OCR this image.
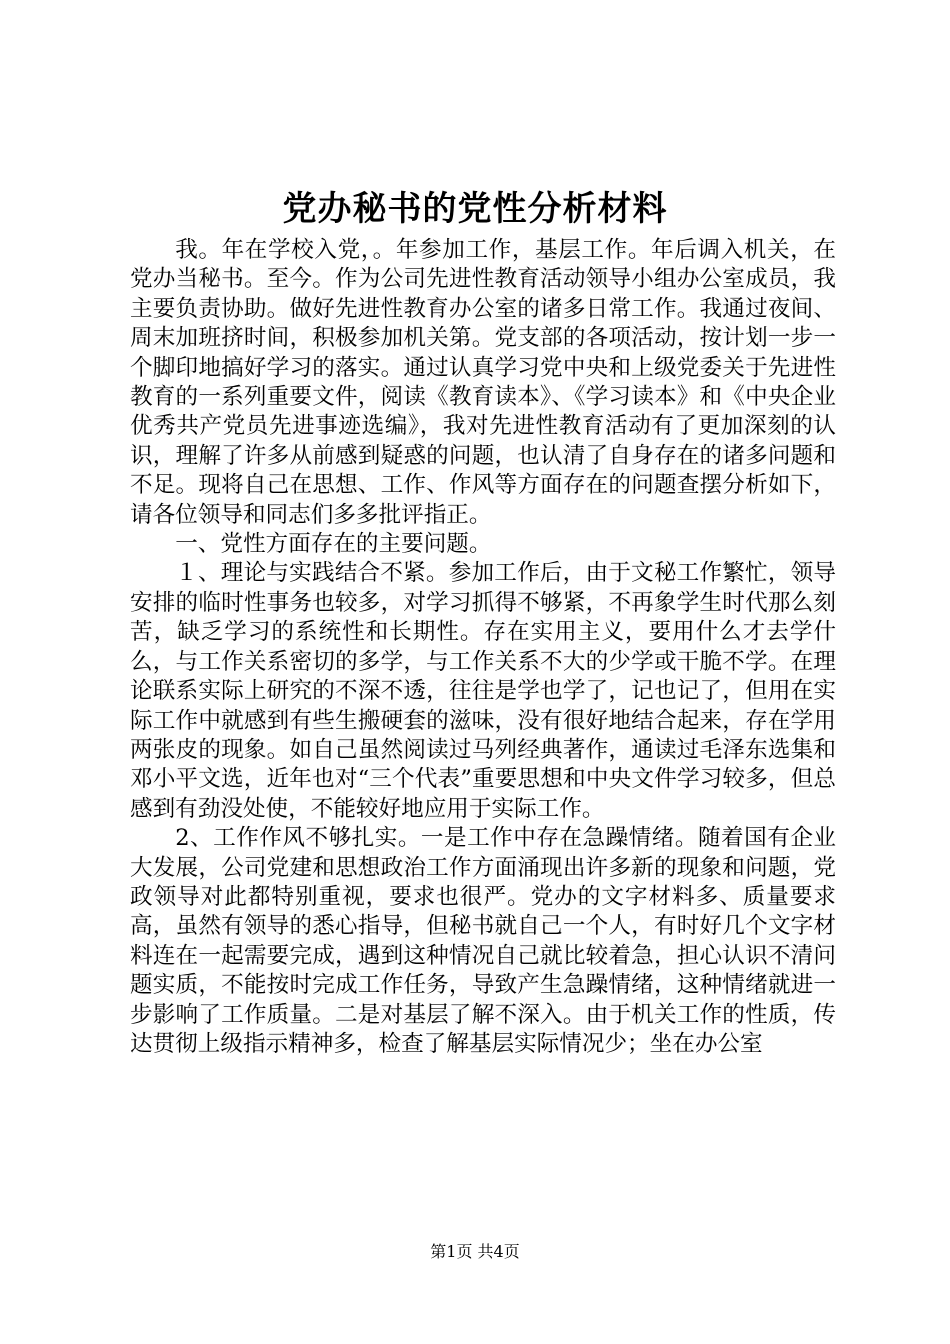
党办秘书的党性分析材料

我。年在学校入党，。年参加工作，基层工作。年后调入机关，在党办当秘书。至今。作为公司先进性教育活动领导小组办公室成员，我主要负责协助。做好先进性教育办公室的诸多日常工作。我通过夜间、周末加班挤时间，积极参加机关第。党支部的各项活动，按计划一步一个脚印地搞好学习的落实。通过认真学习党中央和上级党委关于先进性教育的一系列重要文件，阅读《教育读本》、《学习读本》和《中央企业优秀共产党员先进事迹选编》，我对先进性教育活动有了更加深刻的认识，理解了许多从前感到疑惑的问题，也认清了自身存在的诸多问题和不足。现将自己在思想、工作、作风等方面存在的问题查摆分析如下，请各位领导和同志们多多批评指正。

一、党性方面存在的主要问题。

１、理论与实践结合不紧。参加工作后，由于文秘工作繁忙，领导安排的临时性事务也较多，对学习抓得不够紧，不再象学生时代那么刻苦，缺乏学习的系统性和长期性。存在实用主义，要用什么才去学什么，与工作关系密切的多学，与工作关系不大的少学或干脆不学。在理论联系实际上研究的不深不透，往往是学也学了，记也记了，但用在实际工作中就感到有些生搬硬套的滋味，没有很好地结合起来，存在学用两张皮的现象。如自己虽然阅读过马列经典著作，通读过毛泽东选集和邓小平文选，近年也对“三个代表”重要思想和中央文件学习较多，但总感到有劲没处使，不能较好地应用于实际工作。

2、工作作风不够扎实。一是工作中存在急躁情绪。随着国有企业大发展，公司党建和思想政治工作方面涌现出许多新的现象和问题，党政领导对此都特别重视，要求也很严。党办的文字材料多、质量要求高，虽然有领导的悉心指导，但秘书就自己一个人，有时好几个文字材料连在一起需要完成，遇到这种情况自己就比较着急，担心认识不清问题实质，不能按时完成工作任务，导致产生急躁情绪，这种情绪就进一步影响了工作质量。二是对基层了解不深入。由于机关工作的性质，传达贯彻上级指示精神多，检查了解基层实际情况少；坐在办公室

第1页 共4页
